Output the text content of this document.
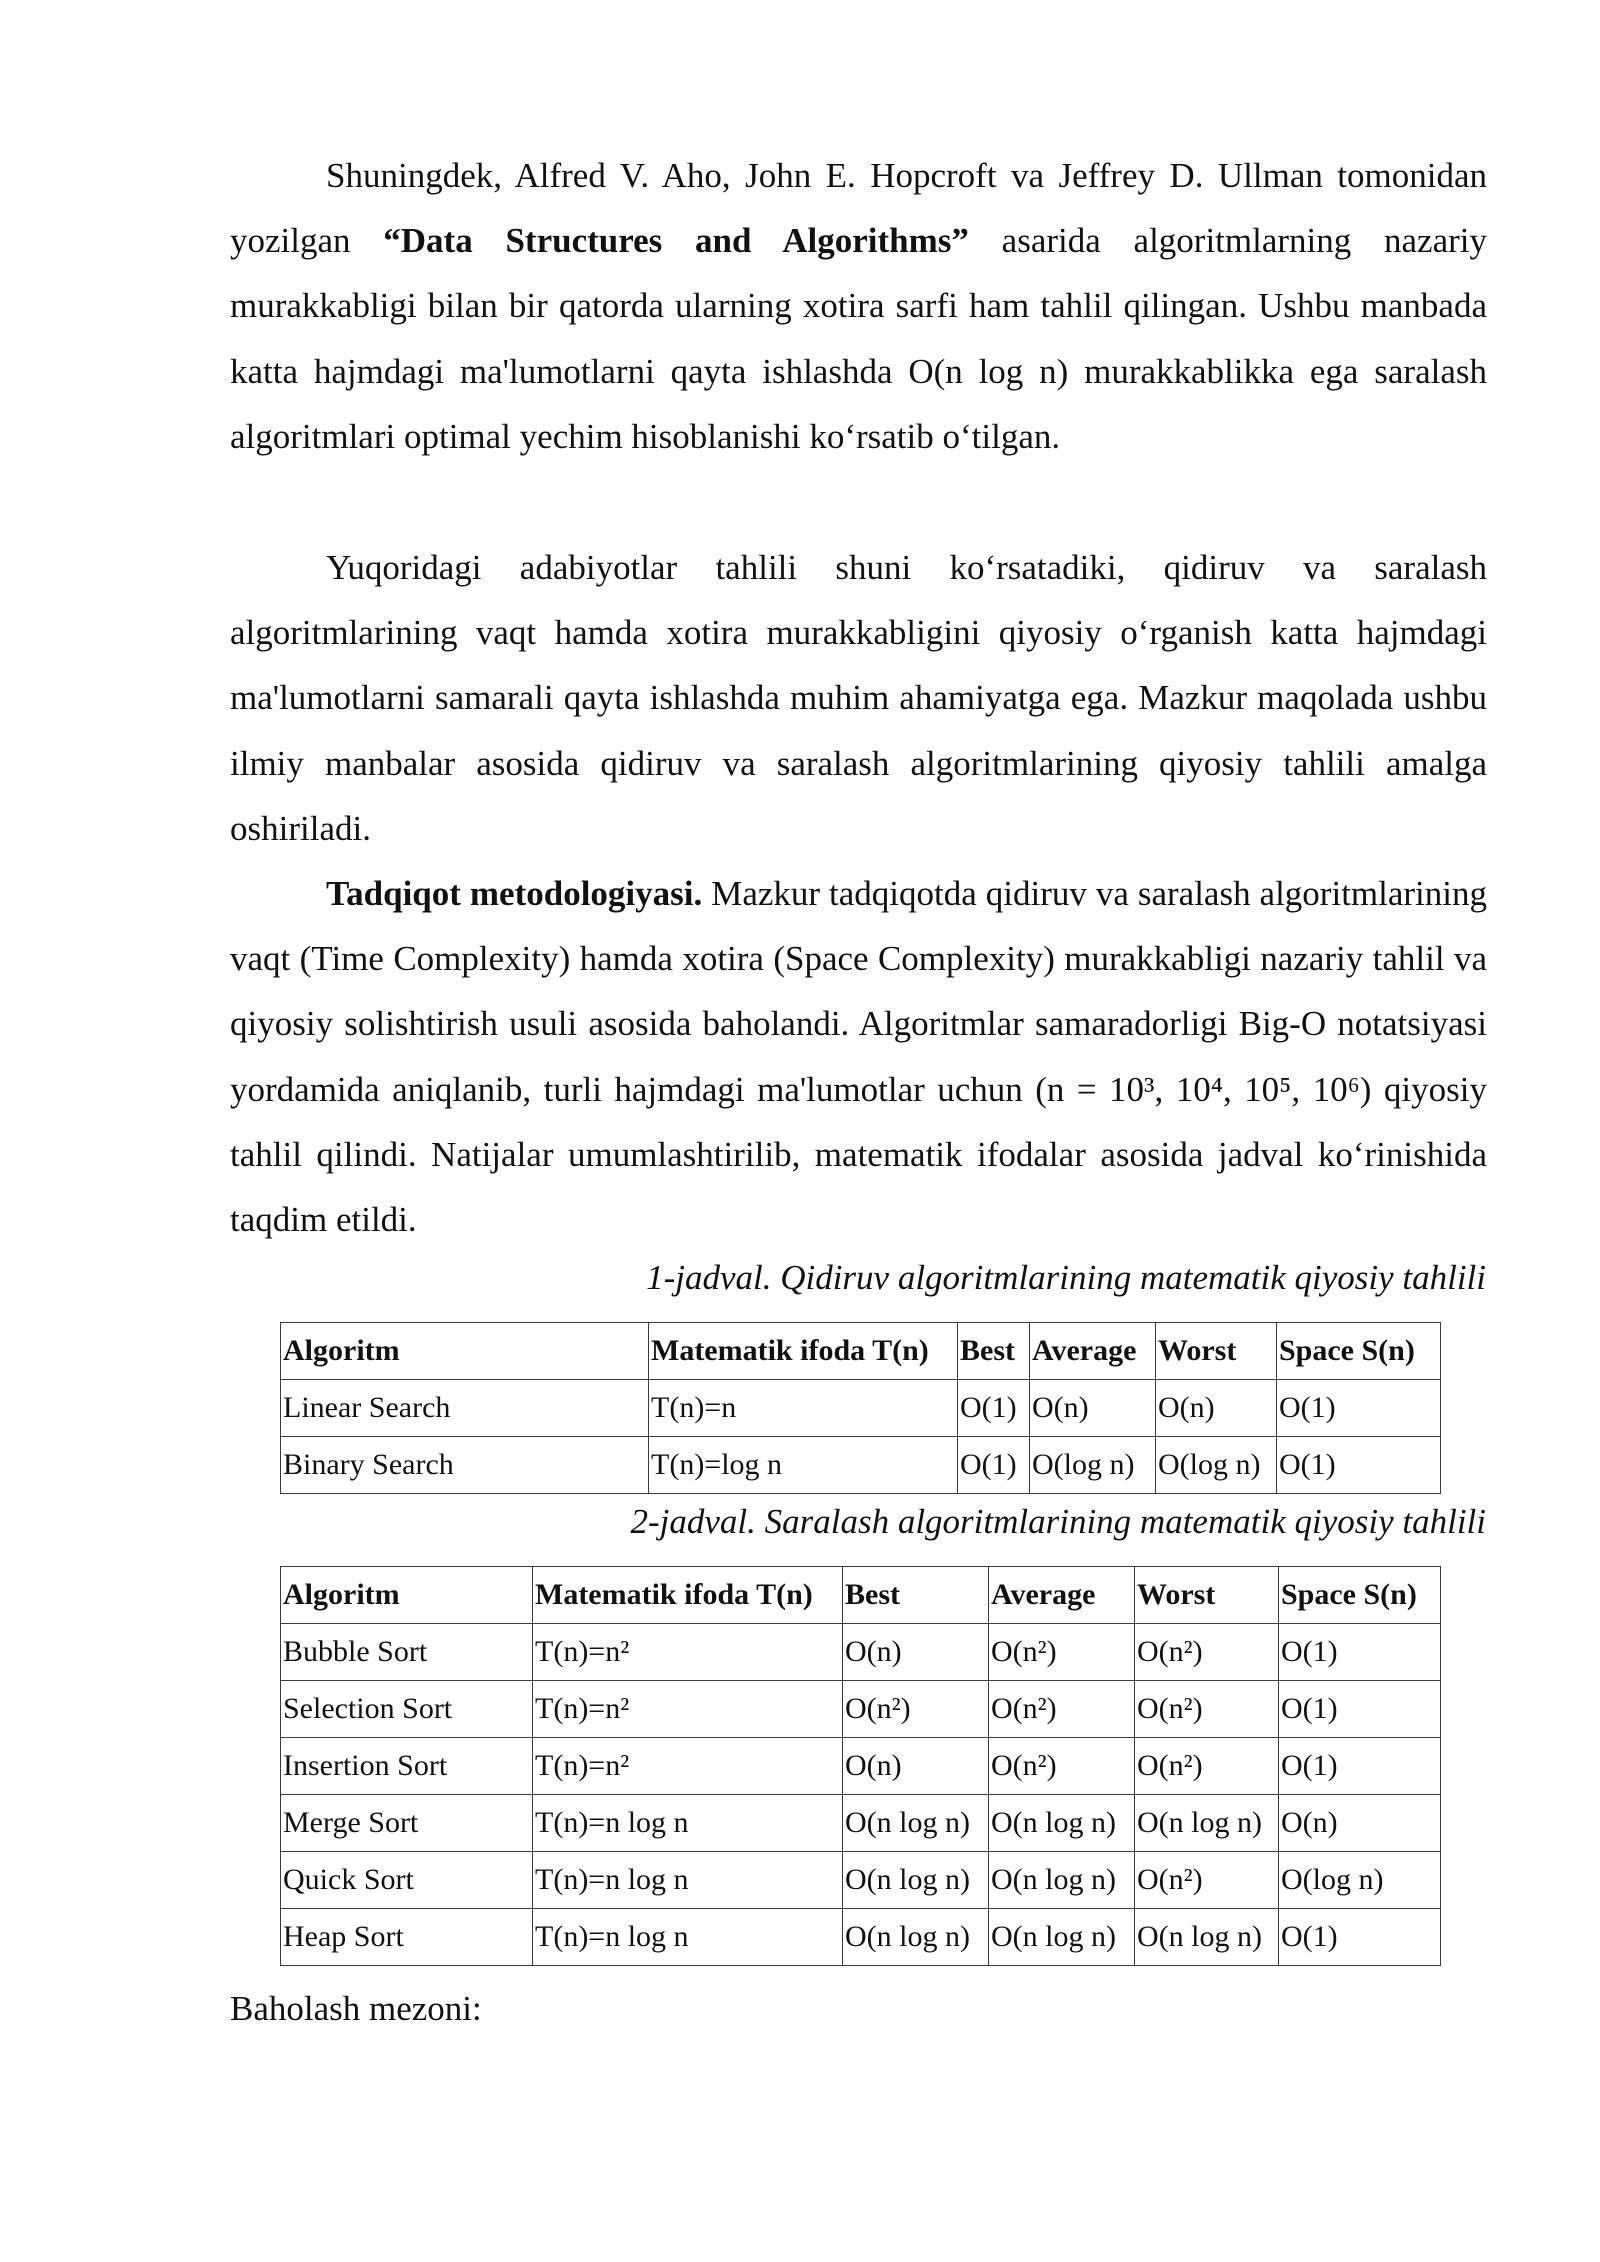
Shuningdek, Alfred V. Aho, John E. Hopcroft va Jeffrey D. Ullman tomonidan yozilgan “Data Structures and Algorithms” asarida algoritmlarning nazariy murakkabligi bilan bir qatorda ularning xotira sarfi ham tahlil qilingan. Ushbu manbada katta hajmdagi ma'lumotlarni qayta ishlashda O(n log n) murakkablikka ega saralash algoritmlari optimal yechim hisoblanishi koʻrsatib oʻtilgan.

Yuqoridagi adabiyotlar tahlili shuni koʻrsatadiki, qidiruv va saralash algoritmlarining vaqt hamda xotira murakkabligini qiyosiy oʻrganish katta hajmdagi ma'lumotlarni samarali qayta ishlashda muhim ahamiyatga ega. Mazkur maqolada ushbu ilmiy manbalar asosida qidiruv va saralash algoritmlarining qiyosiy tahlili amalga oshiriladi.

Tadqiqot metodologiyasi. Mazkur tadqiqotda qidiruv va saralash algoritmlarining vaqt (Time Complexity) hamda xotira (Space Complexity) murakkabligi nazariy tahlil va qiyosiy solishtirish usuli asosida baholandi. Algoritmlar samaradorligi Big-O notatsiyasi yordamida aniqlanib, turli hajmdagi ma'lumotlar uchun (n = 10³, 10⁴, 10⁵, 10⁶) qiyosiy tahlil qilindi. Natijalar umumlashtirilib, matematik ifodalar asosida jadval koʻrinishida taqdim etildi.

1-jadval. Qidiruv algoritmlarining matematik qiyosiy tahlili

Algoritm	Matematik ifoda T(n)	Best	Average	Worst	Space S(n)
Linear Search	T(n)=n	O(1)	O(n)	O(n)	O(1)
Binary Search	T(n)=log n	O(1)	O(log n)	O(log n)	O(1)

2-jadval. Saralash algoritmlarining matematik qiyosiy tahlili

Algoritm	Matematik ifoda T(n)	Best	Average	Worst	Space S(n)
Bubble Sort	T(n)=n²	O(n)	O(n²)	O(n²)	O(1)
Selection Sort	T(n)=n²	O(n²)	O(n²)	O(n²)	O(1)
Insertion Sort	T(n)=n²	O(n)	O(n²)	O(n²)	O(1)
Merge Sort	T(n)=n log n	O(n log n)	O(n log n)	O(n log n)	O(n)
Quick Sort	T(n)=n log n	O(n log n)	O(n log n)	O(n²)	O(log n)
Heap Sort	T(n)=n log n	O(n log n)	O(n log n)	O(n log n)	O(1)

Baholash mezoni:
